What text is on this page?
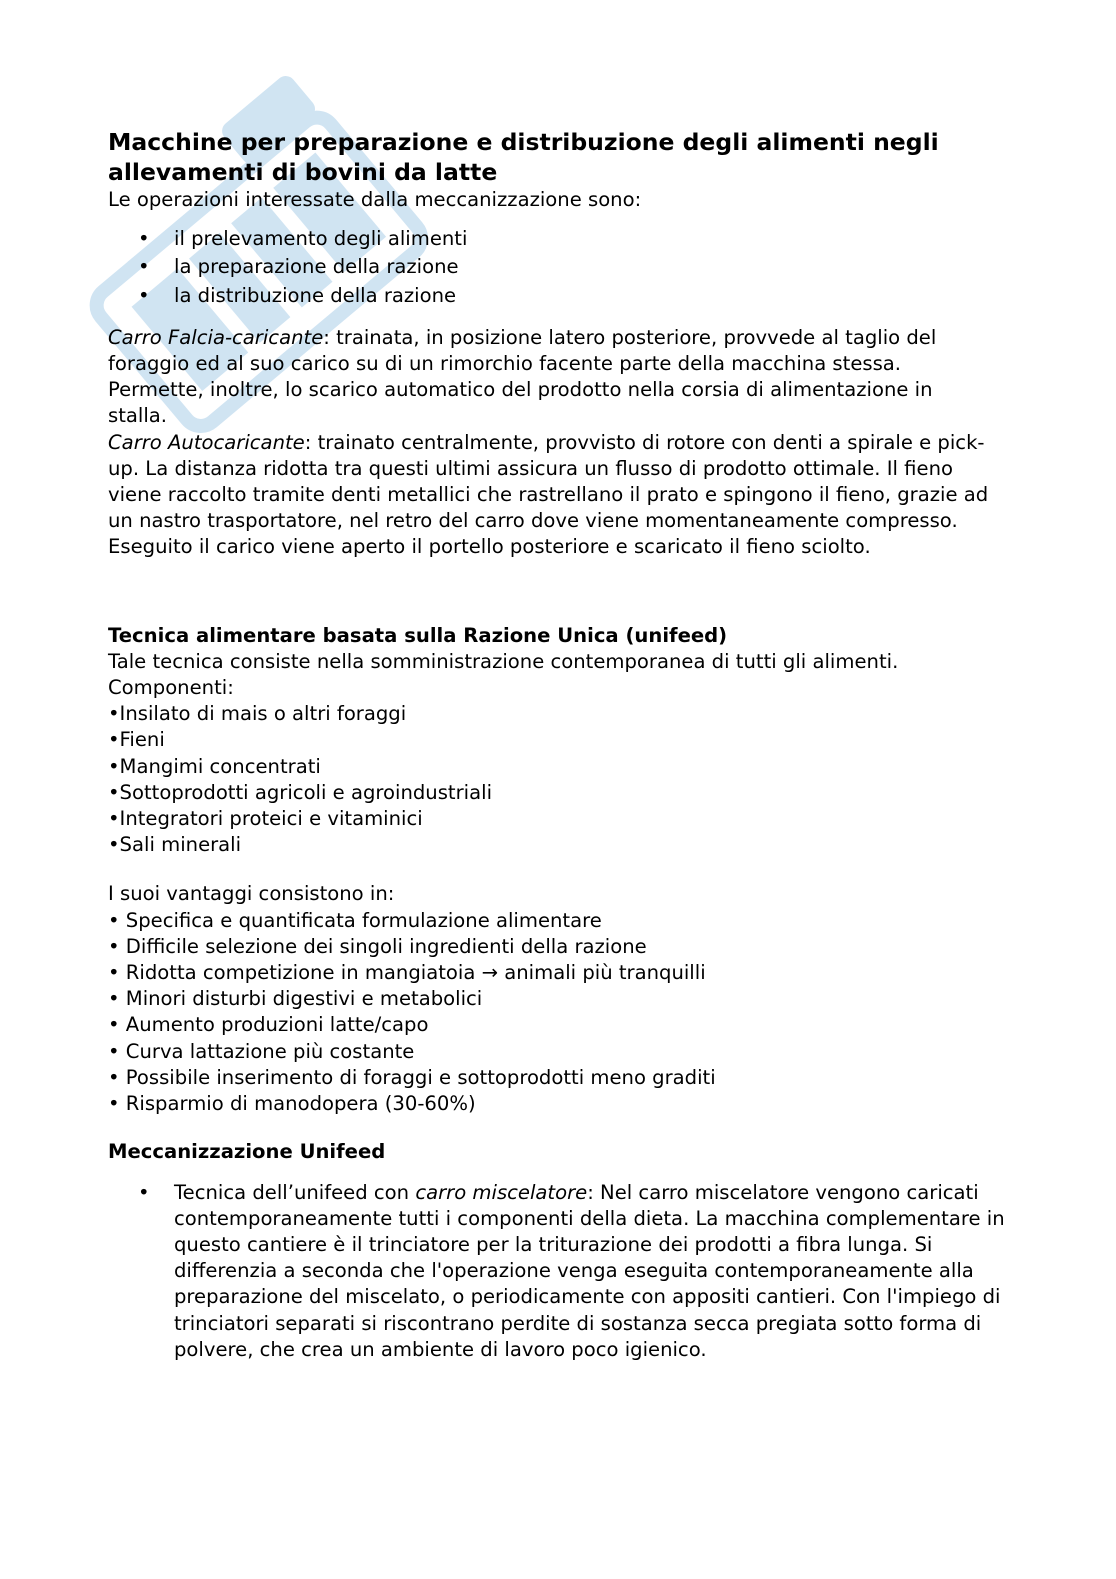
Macchine per preparazione e distribuzione degli alimenti negli allevamenti di bovini da latte

Le operazioni interessate dalla meccanizzazione sono:

• il prelevamento degli alimenti
• la preparazione della razione
• la distribuzione della razione

Carro Falcia-caricante: trainata, in posizione latero posteriore, provvede al taglio del foraggio ed al suo carico su di un rimorchio facente parte della macchina stessa. Permette, inoltre, lo scarico automatico del prodotto nella corsia di alimentazione in stalla.

Carro Autocaricante: trainato centralmente, provvisto di rotore con denti a spirale e pick-up. La distanza ridotta tra questi ultimi assicura un flusso di prodotto ottimale. Il fieno viene raccolto tramite denti metallici che rastrellano il prato e spingono il fieno, grazie ad un nastro trasportatore, nel retro del carro dove viene momentaneamente compresso. Eseguito il carico viene aperto il portello posteriore e scaricato il fieno sciolto.

Tecnica alimentare basata sulla Razione Unica (unifeed)

Tale tecnica consiste nella somministrazione contemporanea di tutti gli alimenti.

Componenti:
•Insilato di mais o altri foraggi
•Fieni
•Mangimi concentrati
•Sottoprodotti agricoli e agroindustriali
•Integratori proteici e vitaminici
•Sali minerali
I suoi vantaggi consistono in:
• Specifica e quantificata formulazione alimentare
• Difficile selezione dei singoli ingredienti della razione
• Ridotta competizione in mangiatoia → animali più tranquilli
• Minori disturbi digestivi e metabolici
• Aumento produzioni latte/capo
• Curva lattazione più costante
• Possibile inserimento di foraggi e sottoprodotti meno graditi
• Risparmio di manodopera (30-60%)
Meccanizzazione Unifeed
• Tecnica dell’unifeed con carro miscelatore: Nel carro miscelatore vengono caricati contemporaneamente tutti i componenti della dieta. La macchina complementare in questo cantiere è il trinciatore per la triturazione dei prodotti a fibra lunga. Si differenzia a seconda che l'operazione venga eseguita contemporaneamente alla preparazione del miscelato, o periodicamente con appositi cantieri. Con l'impiego di trinciatori separati si riscontrano perdite di sostanza secca pregiata sotto forma di polvere, che crea un ambiente di lavoro poco igienico.
